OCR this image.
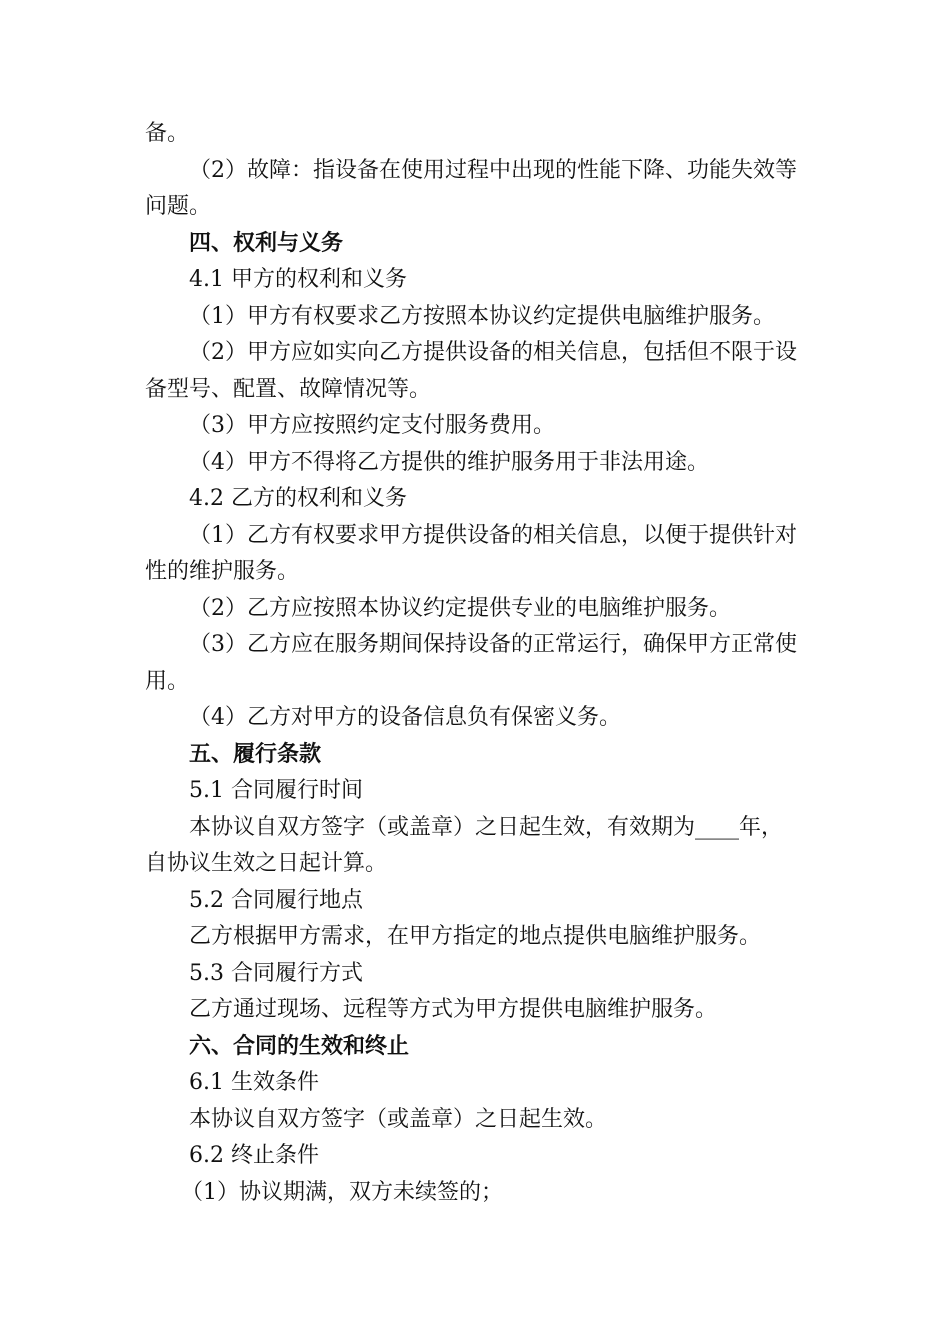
备。
（2）故障：指设备在使用过程中出现的性能下降、功能失效等
问题。
四、权利与义务
4.1 甲方的权利和义务
（1）甲方有权要求乙方按照本协议约定提供电脑维护服务。
（2）甲方应如实向乙方提供设备的相关信息，包括但不限于设
备型号、配置、故障情况等。
（3）甲方应按照约定支付服务费用。
（4）甲方不得将乙方提供的维护服务用于非法用途。
4.2 乙方的权利和义务
（1）乙方有权要求甲方提供设备的相关信息，以便于提供针对
性的维护服务。
（2）乙方应按照本协议约定提供专业的电脑维护服务。
（3）乙方应在服务期间保持设备的正常运行，确保甲方正常使
用。
（4）乙方对甲方的设备信息负有保密义务。
五、履行条款
5.1 合同履行时间
本协议自双方签字（或盖章）之日起生效，有效期为____年，
自协议生效之日起计算。
5.2 合同履行地点
乙方根据甲方需求，在甲方指定的地点提供电脑维护服务。
5.3 合同履行方式
乙方通过现场、远程等方式为甲方提供电脑维护服务。
六、合同的生效和终止
6.1 生效条件
本协议自双方签字（或盖章）之日起生效。
6.2 终止条件
（1）协议期满，双方未续签的；
